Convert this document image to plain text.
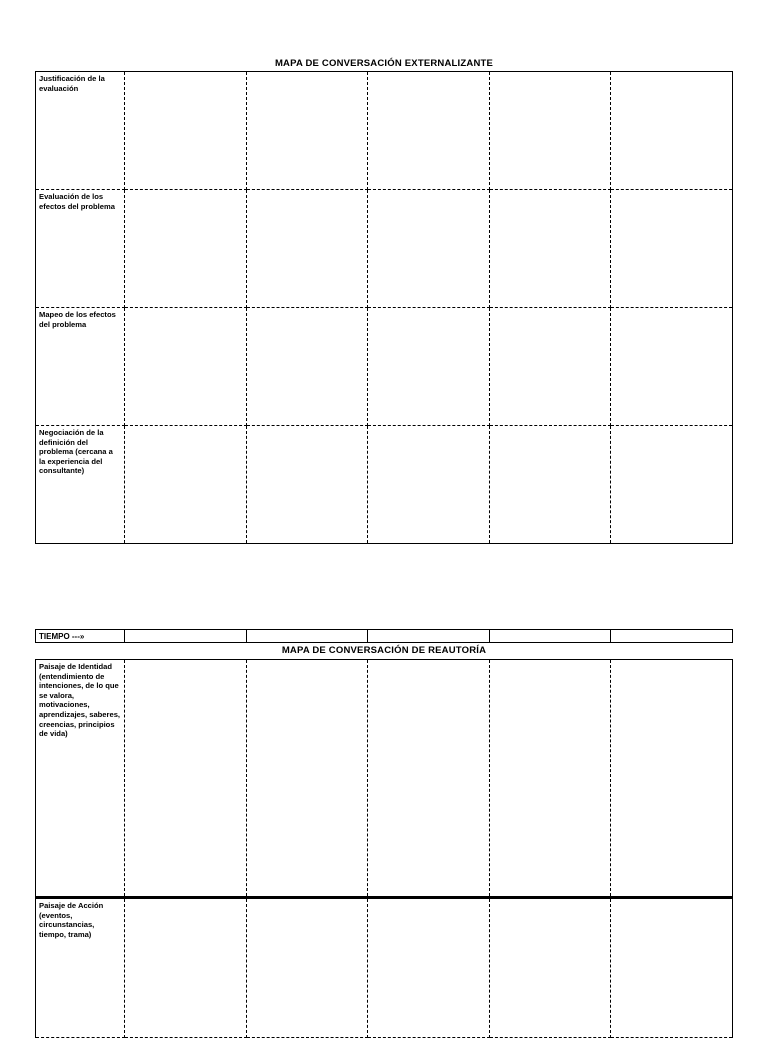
MAPA DE CONVERSACIÓN EXTERNALIZANTE
Justificación de la evaluación					
Evaluación de los efectos del problema					
Mapeo de los efectos del problema					
Negociación de la definición del problema (cercana a la experiencia del consultante)					
TIEMPO ---»					
MAPA DE CONVERSACIÓN DE REAUTORÍA
Paisaje de Identidad (entendimiento de intenciones, de lo que se valora, motivaciones, aprendizajes, saberes, creencias, principios de vida)					
Paisaje de Acción (eventos, circunstancias, tiempo, trama)					
